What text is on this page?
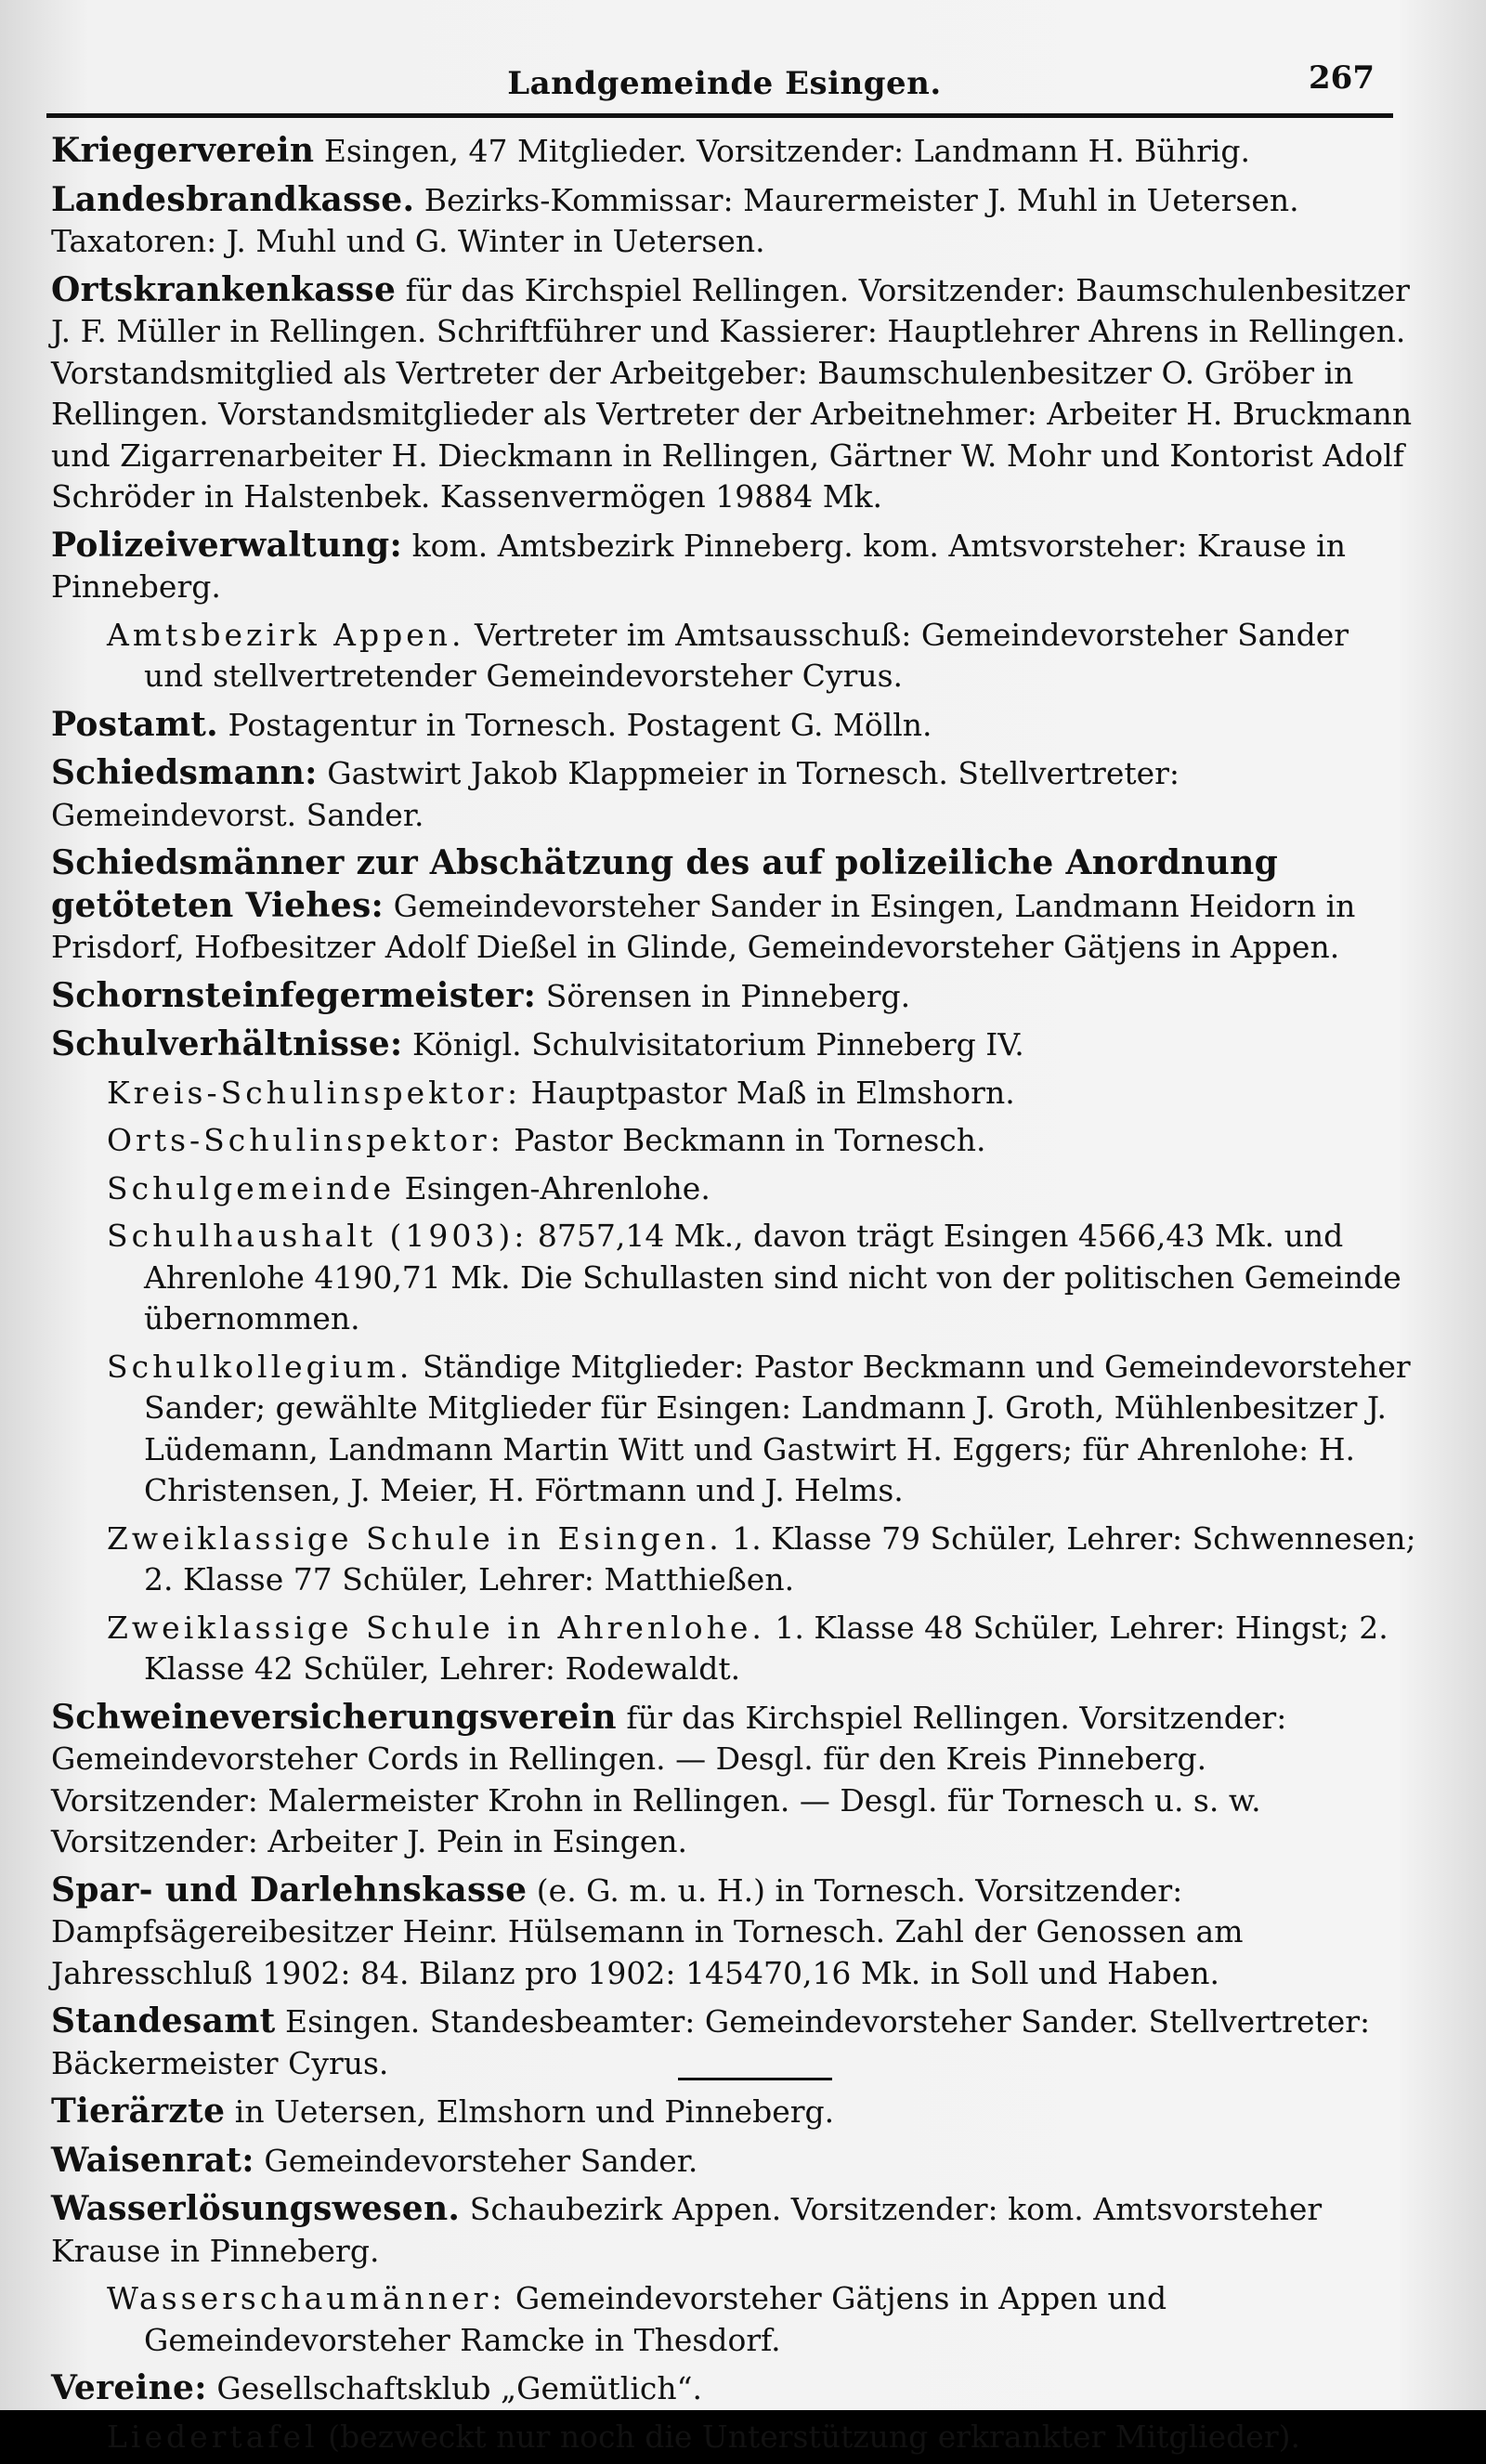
Landgemeinde Esingen.	267

Kriegerverein Esingen, 47 Mitglieder. Vorsitzender: Landmann H. Bührig.

Landesbrandkasse. Bezirks-Kommissar: Maurermeister J. Muhl in Uetersen. Taxatoren: J. Muhl und G. Winter in Uetersen.

Ortskrankenkasse für das Kirchspiel Rellingen. Vorsitzender: Baumschulenbesitzer J. F. Müller in Rellingen. Schriftführer und Kassierer: Hauptlehrer Ahrens in Rellingen. Vorstandsmitglied als Vertreter der Arbeitgeber: Baumschulenbesitzer O. Gröber in Rellingen. Vorstandsmitglieder als Vertreter der Arbeitnehmer: Arbeiter H. Bruckmann und Zigarrenarbeiter H. Dieckmann in Rellingen, Gärtner W. Mohr und Kontorist Adolf Schröder in Halstenbek. Kassenvermögen 19884 Mk.

Polizeiverwaltung: kom. Amtsbezirk Pinneberg. kom. Amtsvorsteher: Krause in Pinneberg.

Amtsbezirk Appen. Vertreter im Amtsausschuß: Gemeindevorsteher Sander und stellvertretender Gemeindevorsteher Cyrus.

Postamt. Postagentur in Tornesch. Postagent G. Mölln.

Schiedsmann: Gastwirt Jakob Klappmeier in Tornesch. Stellvertreter: Gemeindevorst. Sander.

Schiedsmänner zur Abschätzung des auf polizeiliche Anordnung getöteten Viehes: Gemeindevorsteher Sander in Esingen, Landmann Heidorn in Prisdorf, Hofbesitzer Adolf Dießel in Glinde, Gemeindevorsteher Gätjens in Appen.

Schornsteinfegermeister: Sörensen in Pinneberg.

Schulverhältnisse: Königl. Schulvisitatorium Pinneberg IV.

Kreis-Schulinspektor: Hauptpastor Maß in Elmshorn.

Orts-Schulinspektor: Pastor Beckmann in Tornesch.

Schulgemeinde Esingen-Ahrenlohe.

Schulhaushalt (1903): 8757,14 Mk., davon trägt Esingen 4566,43 Mk. und Ahrenlohe 4190,71 Mk. Die Schullasten sind nicht von der politischen Gemeinde übernommen.

Schulkollegium. Ständige Mitglieder: Pastor Beckmann und Gemeindevorsteher Sander; gewählte Mitglieder für Esingen: Landmann J. Groth, Mühlenbesitzer J. Lüdemann, Landmann Martin Witt und Gastwirt H. Eggers; für Ahrenlohe: H. Christensen, J. Meier, H. Förtmann und J. Helms.

Zweiklassige Schule in Esingen. 1. Klasse 79 Schüler, Lehrer: Schwennesen; 2. Klasse 77 Schüler, Lehrer: Matthießen.

Zweiklassige Schule in Ahrenlohe. 1. Klasse 48 Schüler, Lehrer: Hingst; 2. Klasse 42 Schüler, Lehrer: Rodewaldt.

Schweineversicherungsverein für das Kirchspiel Rellingen. Vorsitzender: Gemeindevorsteher Cords in Rellingen. — Desgl. für den Kreis Pinneberg. Vorsitzender: Malermeister Krohn in Rellingen. — Desgl. für Tornesch u. s. w. Vorsitzender: Arbeiter J. Pein in Esingen.

Spar- und Darlehnskasse (e. G. m. u. H.) in Tornesch. Vorsitzender: Dampfsägereibesitzer Heinr. Hülsemann in Tornesch. Zahl der Genossen am Jahresschluß 1902: 84. Bilanz pro 1902: 145470,16 Mk. in Soll und Haben.

Standesamt Esingen. Standesbeamter: Gemeindevorsteher Sander. Stellvertreter: Bäckermeister Cyrus.

Tierärzte in Uetersen, Elmshorn und Pinneberg.

Waisenrat: Gemeindevorsteher Sander.

Wasserlösungswesen. Schaubezirk Appen. Vorsitzender: kom. Amtsvorsteher Krause in Pinneberg.

Wasserschaumänner: Gemeindevorsteher Gätjens in Appen und Gemeindevorsteher Ramcke in Thesdorf.

Vereine: Gesellschaftsklub „Gemütlich“.

Liedertafel (bezweckt nur noch die Unterstützung erkrankter Mitglieder).
